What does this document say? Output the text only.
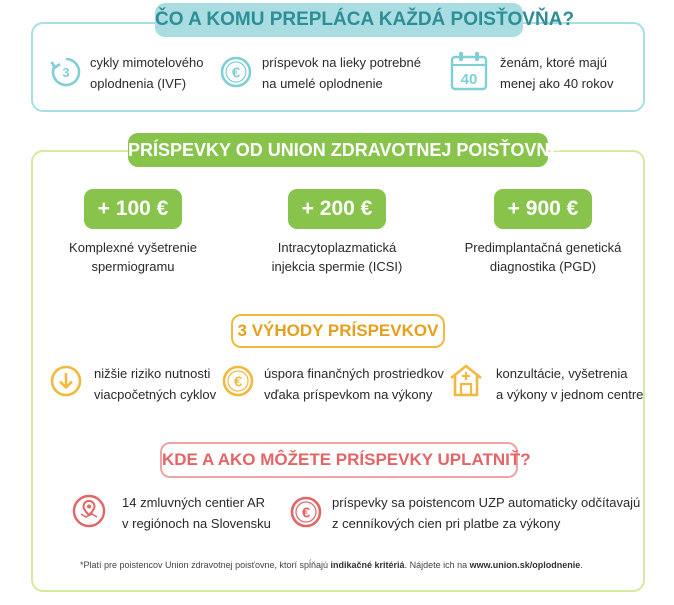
ČO A KOMU PREPLÁCA KAŽDÁ POISŤOVŇA?
3
cykly mimotelového
oplodnenia (IVF)
€
príspevok na lieky potrebné
na umelé oplodnenie	40
ženám, ktoré majú
menej ako 40 rokov
PRÍSPEVKY OD UNION ZDRAVOTNEJ POISŤOVNE*
+ 100 €
Komplexné vyšetrenie
spermiogramu
+ 200 €
Intracytoplazmatická
injekcia spermie (ICSI)
+ 900 €
Predimplantačná genetická
diagnostika (PGD)
3 VÝHODY PRÍSPEVKOV
nižšie riziko nutnosti
viacpočetných cyklov
€ úspora finančných prostriedkov
vďaka príspevkom na výkony
konzultácie, vyšetrenia
a výkony v jednom centre
KDE A AKO MÔŽETE PRÍSPEVKY UPLATNIŤ?
14 zmluvných centier AR
v regiónoch na Slovensku
€
príspevky sa poistencom UZP automaticky odčítavajú
z cenníkových cien pri platbe za výkony
*Platí pre poistencov Union zdravotnej poisťovne, ktorí spĺňajú indikačné kritériá. Nájdete ich na www.union.sk/oplodnenie.
